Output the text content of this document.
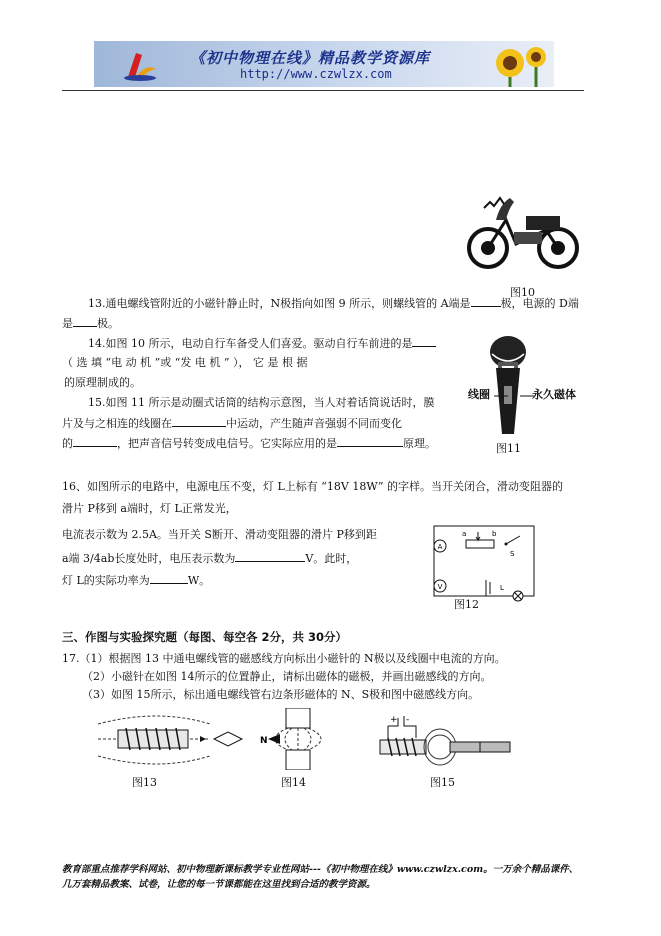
《初中物理在线》精品教学资源库
http://www.czwlzx.com
图10
13.通电螺线管附近的小磁针静止时，N极指向如图 9 所示，则螺线管的 A端是	极，电源的 D端
是 极。
14.如图 10 所示，电动自行车备受人们喜爱。驱动自行车前进的是
（ 选 填 “电 动 机 ”或 “发 电 机 ” ）， 它 是 根 据
的原理制成的。
线圈	永久磁体
图11
15.如图 11 所示是动圈式话筒的结构示意图，当人对着话筒说话时，膜
片及与之相连的线圈在	中运动，产生随声音强弱不同而变化
的	，把声音信号转变成电信号。它实际应用的是	原理。
16、如图所示的电路中，电源电压不变，灯 L上标有 “18V 18W” 的字样。当开关闭合，滑动变阻器的
滑片 P移到 a端时，灯 L正常发光，
电流表示数为 2.5A。当开关 S断开、滑动变阻器的滑片 P移到距
a端 3/4ab长度处时，电压表示数为	V。此时，
灯 L的实际功率为	W。
A
V
a	b
S
L
图12
三、作图与实验探究题（每图、每空各 2分，共 30分）
17.（1）根据图 13 中通电螺线管的磁感线方向标出小磁针的 N极以及线圈中电流的方向。
（2）小磁针在如图 14所示的位置静止，请标出磁体的磁极，并画出磁感线的方向。
（3）如图 15所示，标出通电螺线管右边条形磁体的 N、S极和图中磁感线方向。
图13
N
图14
+ -
图15
教育部重点推荐学科网站、初中物理新课标教学专业性网站---《初中物理在线》www.czwlzx.com。一万余个精品课件、
几万套精品教案、试卷，让您的每一节课都能在这里找到合适的教学资源。
